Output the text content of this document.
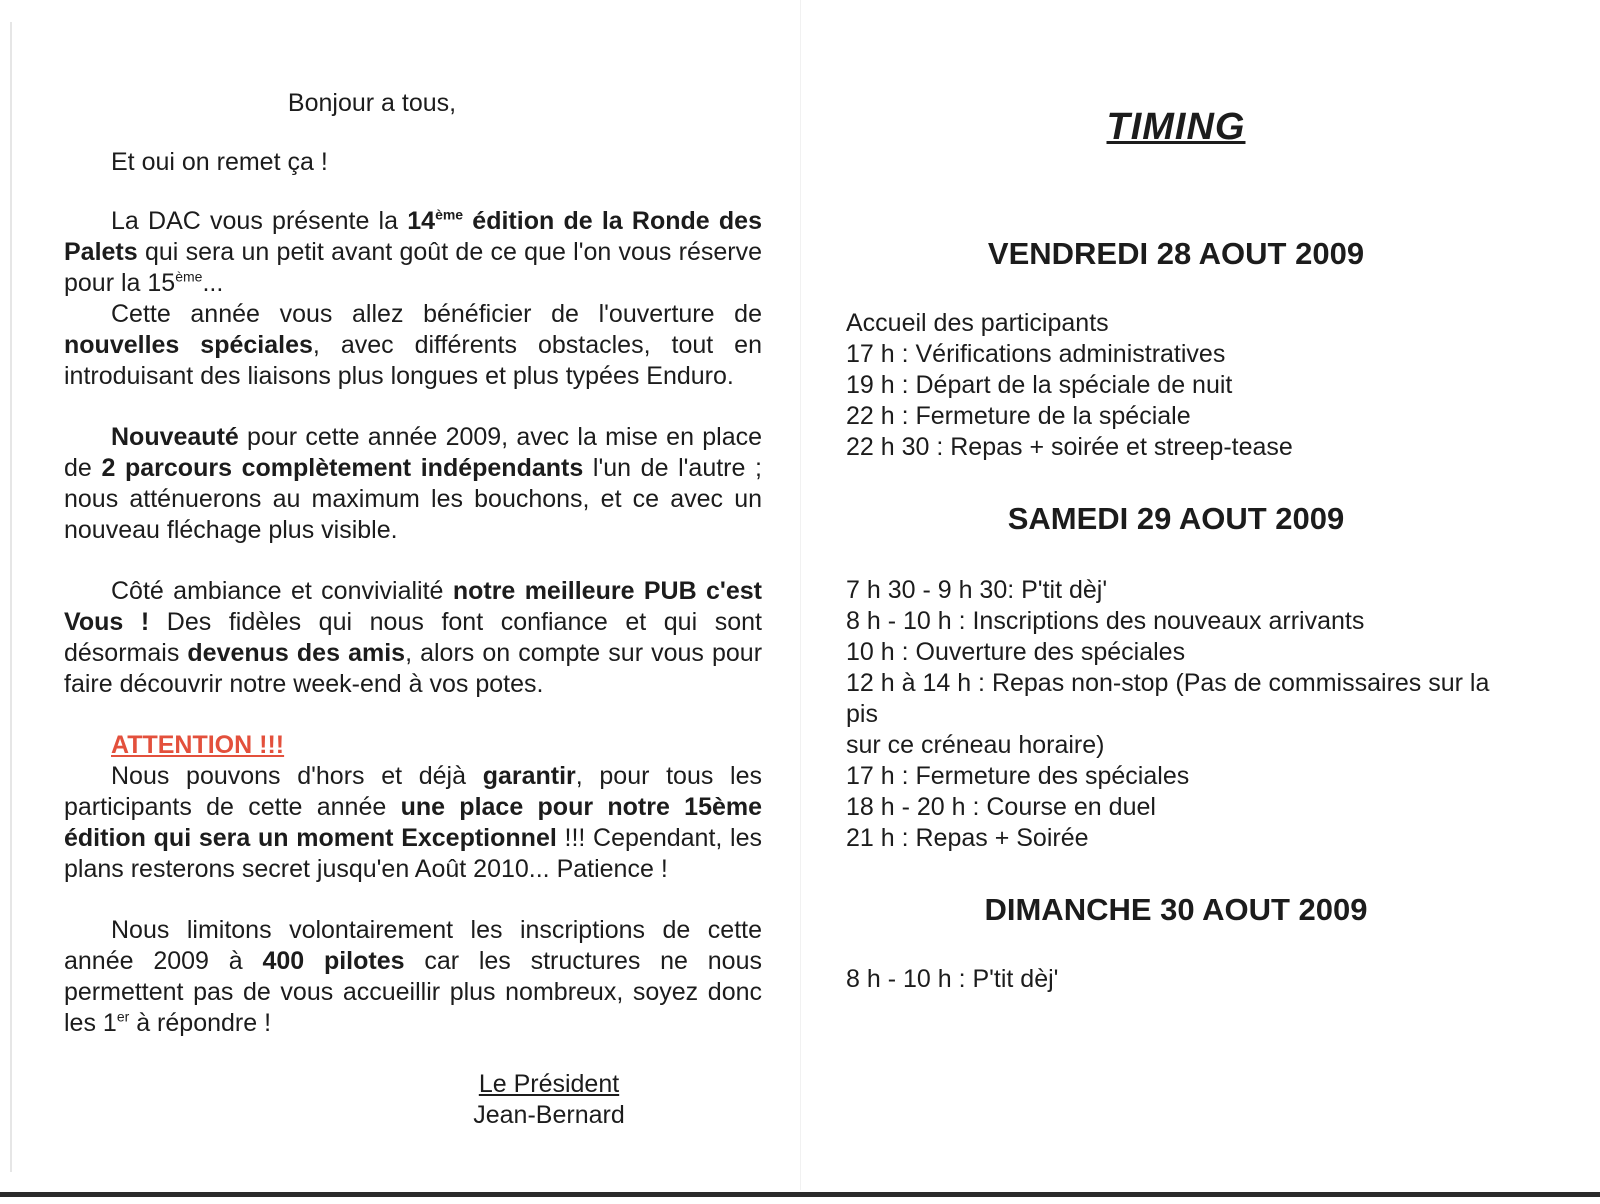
Bonjour a tous,

Et oui on remet ça !

La DAC vous présente la 14ème édition de la Ronde des Palets qui sera un petit avant goût de ce que l'on vous réserve pour la 15ème...

Cette année vous allez bénéficier de l'ouverture de nouvelles spéciales, avec différents obstacles, tout en introduisant des liaisons plus longues et plus typées Enduro.

Nouveauté pour cette année 2009, avec la mise en place de 2 parcours complètement indépendants l'un de l'autre ; nous atténuerons au maximum les bouchons, et ce avec un nouveau fléchage plus visible.

Côté ambiance et convivialité notre meilleure PUB c'est Vous ! Des fidèles qui nous font confiance et qui sont désormais devenus des amis, alors on compte sur vous pour faire découvrir notre week-end à vos potes.

ATTENTION !!!

Nous pouvons d'hors et déjà garantir, pour tous les participants de cette année une place pour notre 15ème édition qui sera un moment Exceptionnel !!! Cependant, les plans resterons secret jusqu'en Août 2010... Patience !

Nous limitons volontairement les inscriptions de cette année 2009 à 400 pilotes car les structures ne nous permettent pas de vous accueillir plus nombreux, soyez donc les 1er à répondre !

Le Président

Jean-Bernard

TIMING

VENDREDI 28 AOUT 2009

Accueil des participants
17 h : Vérifications administratives
19 h : Départ de la spéciale de nuit
22 h : Fermeture de la spéciale
22 h 30 : Repas + soirée et streep-tease

SAMEDI 29 AOUT 2009

7 h 30 - 9 h 30: P'tit dèj'
8 h - 10 h : Inscriptions des nouveaux arrivants
10 h : Ouverture des spéciales
12 h à 14 h : Repas non-stop (Pas de commissaires sur la pis
sur ce créneau horaire)
17 h : Fermeture des spéciales
18 h - 20 h : Course en duel
21 h : Repas + Soirée

DIMANCHE 30 AOUT 2009

8 h - 10 h : P'tit dèj'
